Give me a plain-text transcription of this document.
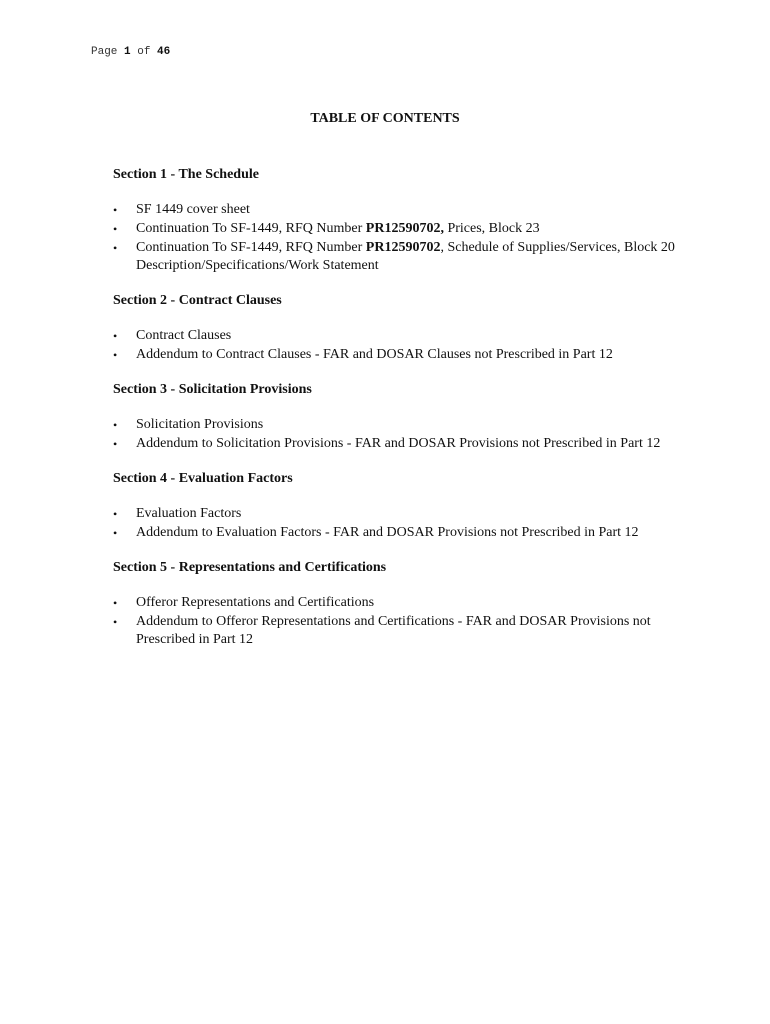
Page 1 of 46
TABLE OF CONTENTS
Section 1 - The Schedule
• SF 1449 cover sheet
• Continuation To SF-1449, RFQ Number PR12590702, Prices, Block 23
• Continuation To SF-1449, RFQ Number PR12590702, Schedule of Supplies/Services, Block 20 Description/Specifications/Work Statement
Section 2 - Contract Clauses
• Contract Clauses
• Addendum to Contract Clauses - FAR and DOSAR Clauses not Prescribed in Part 12
Section 3 - Solicitation Provisions
• Solicitation Provisions
• Addendum to Solicitation Provisions - FAR and DOSAR Provisions not Prescribed in Part 12
Section 4 - Evaluation Factors
• Evaluation Factors
• Addendum to Evaluation Factors - FAR and DOSAR Provisions not Prescribed in Part 12
Section 5 - Representations and Certifications
• Offeror Representations and Certifications
• Addendum to Offeror Representations and Certifications - FAR and DOSAR Provisions not Prescribed in Part 12
